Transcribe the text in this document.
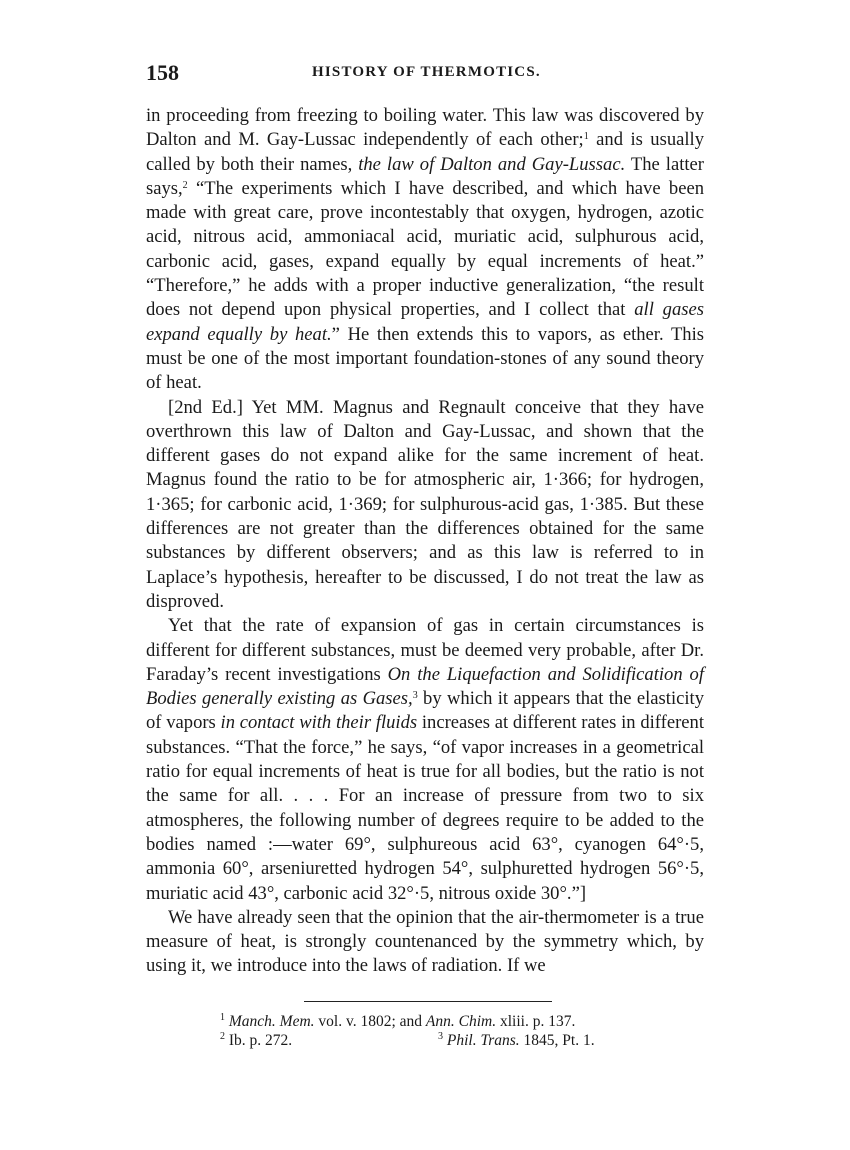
158	HISTORY OF THERMOTICS.

in proceeding from freezing to boiling water. This law was discovered by Dalton and M. Gay-Lussac independently of each other;$^1$ and is usually called by both their names, the law of Dalton and Gay-Lussac. The latter says,$^2$ “The experiments which I have described, and which have been made with great care, prove incontestably that oxygen, hydrogen, azotic acid, nitrous acid, ammoniacal acid, muriatic acid, sulphurous acid, carbonic acid, gases, expand equally by equal increments of heat.” “Therefore,” he adds with a proper inductive generalization, “the result does not depend upon physical properties, and I collect that all gases expand equally by heat.” He then extends this to vapors, as ether. This must be one of the most important foundation-stones of any sound theory of heat.

[2nd Ed.] Yet MM. Magnus and Regnault conceive that they have overthrown this law of Dalton and Gay-Lussac, and shown that the different gases do not expand alike for the same increment of heat. Magnus found the ratio to be for atmospheric air, 1·366; for hydrogen, 1·365; for carbonic acid, 1·369; for sulphurous-acid gas, 1·385. But these differences are not greater than the differences obtained for the same substances by different observers; and as this law is referred to in Laplace’s hypothesis, hereafter to be discussed, I do not treat the law as disproved.

Yet that the rate of expansion of gas in certain circumstances is different for different substances, must be deemed very probable, after Dr. Faraday’s recent investigations On the Liquefaction and Solidification of Bodies generally existing as Gases,$^3$ by which it appears that the elasticity of vapors in contact with their fluids increases at different rates in different substances. “That the force,” he says, “of vapor increases in a geometrical ratio for equal increments of heat is true for all bodies, but the ratio is not the same for all. . . . For an increase of pressure from two to six atmospheres, the following number of degrees require to be added to the bodies named :—water 69°, sulphureous acid 63°, cyanogen 64°·5, ammonia 60°, arseniuretted hydrogen 54°, sulphuretted hydrogen 56°·5, muriatic acid 43°, carbonic acid 32°·5, nitrous oxide 30°.”]

We have already seen that the opinion that the air-thermometer is a true measure of heat, is strongly countenanced by the symmetry which, by using it, we introduce into the laws of radiation. If we

$^1$ Manch. Mem. vol. v. 1802; and Ann. Chim. xliii. p. 137.
$^2$ Ib. p. 272.	$^3$ Phil. Trans. 1845, Pt. 1.
